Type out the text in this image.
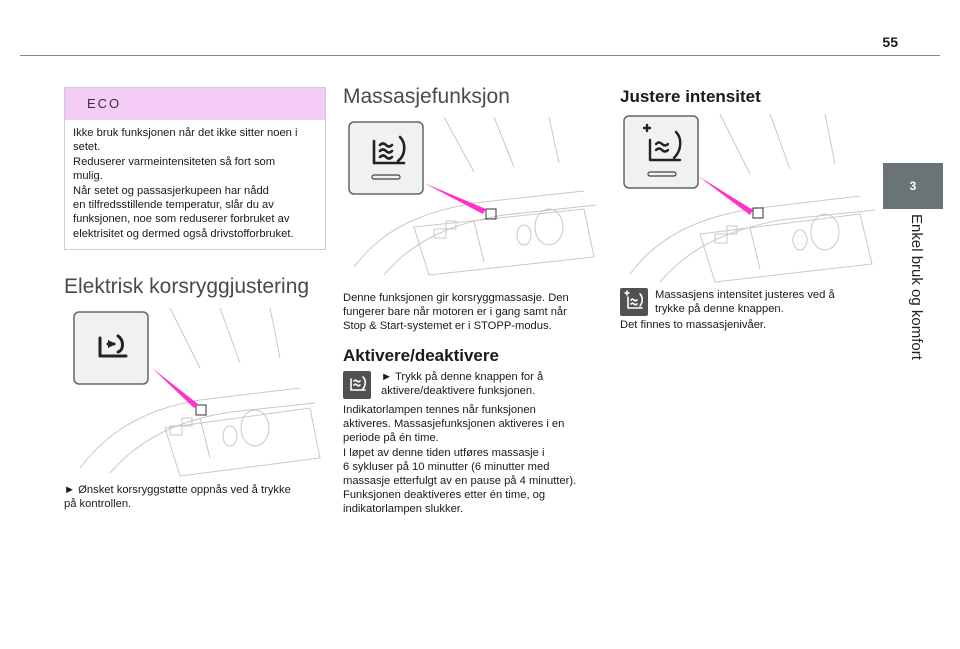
55
3
Enkel bruk og komfort
ECO
Ikke bruk funksjonen når det ikke sitter noen i
setet.
Reduserer varmeintensiteten så fort som
mulig.
Når setet og passasjerkupeen har nådd
en tilfredsstillende temperatur, slår du av
funksjonen, noe som reduserer forbruket av
elektrisitet og dermed også drivstofforbruket.
Elektrisk korsryggjustering
► Ønsket korsryggstøtte oppnås ved å trykke
på kontrollen.
Massasjefunksjon
Denne funksjonen gir korsryggmassasje. Den
fungerer bare når motoren er i gang samt når
Stop & Start-systemet er i STOPP-modus.
Aktivere/deaktivere
► Trykk på denne knappen for å
aktivere/deaktivere funksjonen.
Indikatorlampen tennes når funksjonen
aktiveres. Massasjefunksjonen aktiveres i en
periode på én time.
I løpet av denne tiden utføres massasje i
6 sykluser på 10 minutter (6 minutter med
massasje etterfulgt av en pause på 4 minutter).
Funksjonen deaktiveres etter én time, og
indikatorlampen slukker.
Justere intensitet
Massasjens intensitet justeres ved å
trykke på denne knappen.
Det finnes to massasjenivåer.
